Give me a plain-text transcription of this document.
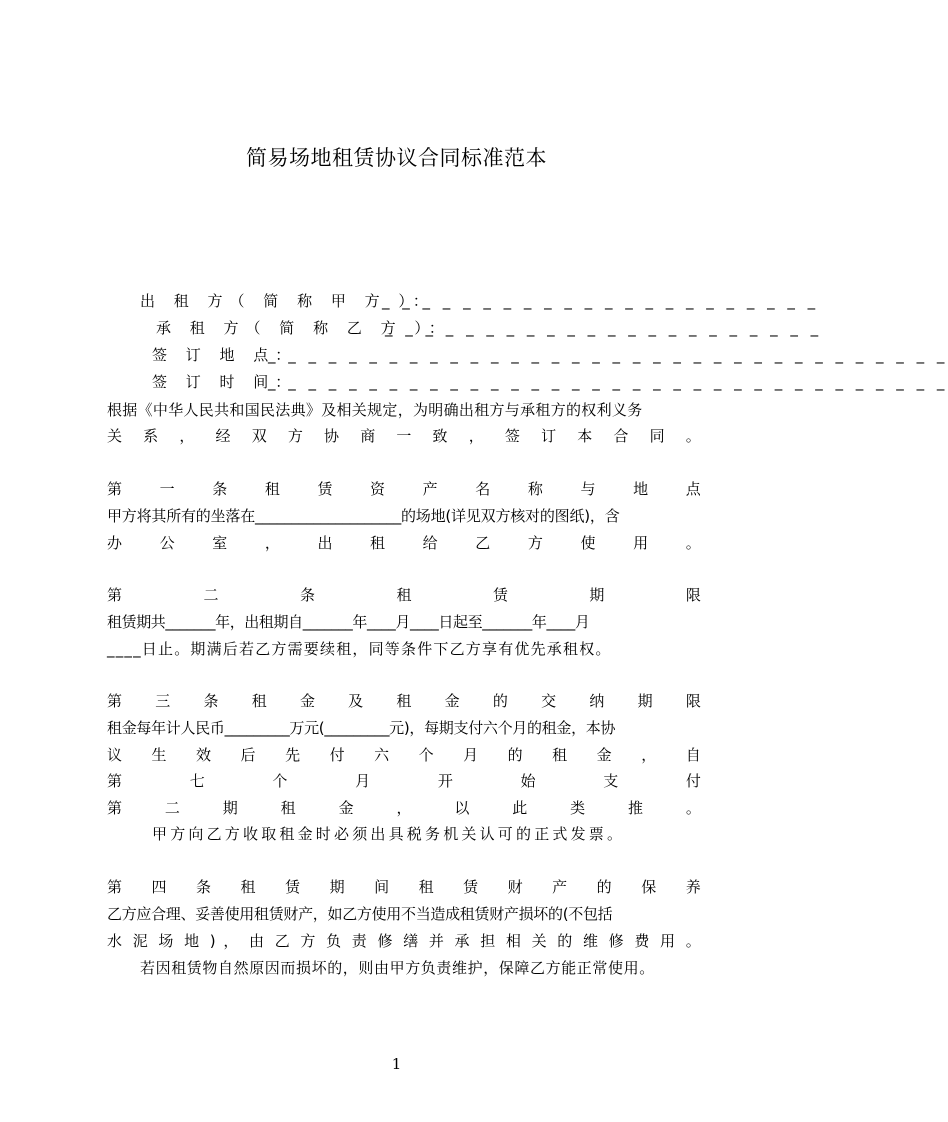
简易场地租赁协议合同标准范本
出 租 方（ 简 称 甲 方 ）：
_ _ _ _ _ _ _ _ _ _ _ _ _ _ _ _ _ _ _ _ _ _
承 租 方（ 简 称 乙 方 ）：
_ _ _ _ _ _ _ _ _ _ _ _ _ _ _ _ _ _ _ _ _ _
签 订 地 点：
_ _ _ _ _ _ _ _ _ _ _ _ _ _ _ _ _ _ _ _ _ _ _ _ _ _ _ _ _ _ _ _ _ _
签 订 时 间：
_ _ _ _ _ _ _ _ _ _ _ _ _ _ _ _ _ _ _ _ _ _ _ _ _ _ _ _ _ _ _ _ _ _
根据《中华人民共和国民法典》及相关规定，为明确出租方与承租方的权利义务
关 系 ， 经 双 方 协 商 一 致 ， 签 订 本 合 同 。
第 一 条 租 赁 资 产 名 称 与 地 点
甲方将其所有的坐落在____________________的场地(详见双方核对的图纸)，含
办 公 室 ， 出 租 给 乙 方 使 用 。
第	二	条	租	赁	期	限
租赁期共_______年，出租期自_______年____月____日起至_______年____月
____日止。期满后若乙方需要续租，同等条件下乙方享有优先承租权。
第 三 条 租 金 及 租 金 的 交 纳 期 限
租金每年计人民币_________万元(_________元)，每期支付六个月的租金，本协
议 生 效 后 先 付 六 个 月 的 租 金 ， 自
第 七 个 月 开 始 支 付
第 二 期 租 金 ， 以 此 类 推 。
甲方向乙方收取租金时必须出具税务机关认可的正式发票。
第 四 条 租 赁 期 间 租 赁 财 产 的 保 养
乙方应合理、妥善使用租赁财产，如乙方使用不当造成租赁财产损坏的(不包括
水 泥 场 地 ) ， 由 乙 方 负 责 修 缮 并 承 担 相 关 的 维 修 费 用 。
若因租赁物自然原因而损坏的，则由甲方负责维护，保障乙方能正常使用。
1
